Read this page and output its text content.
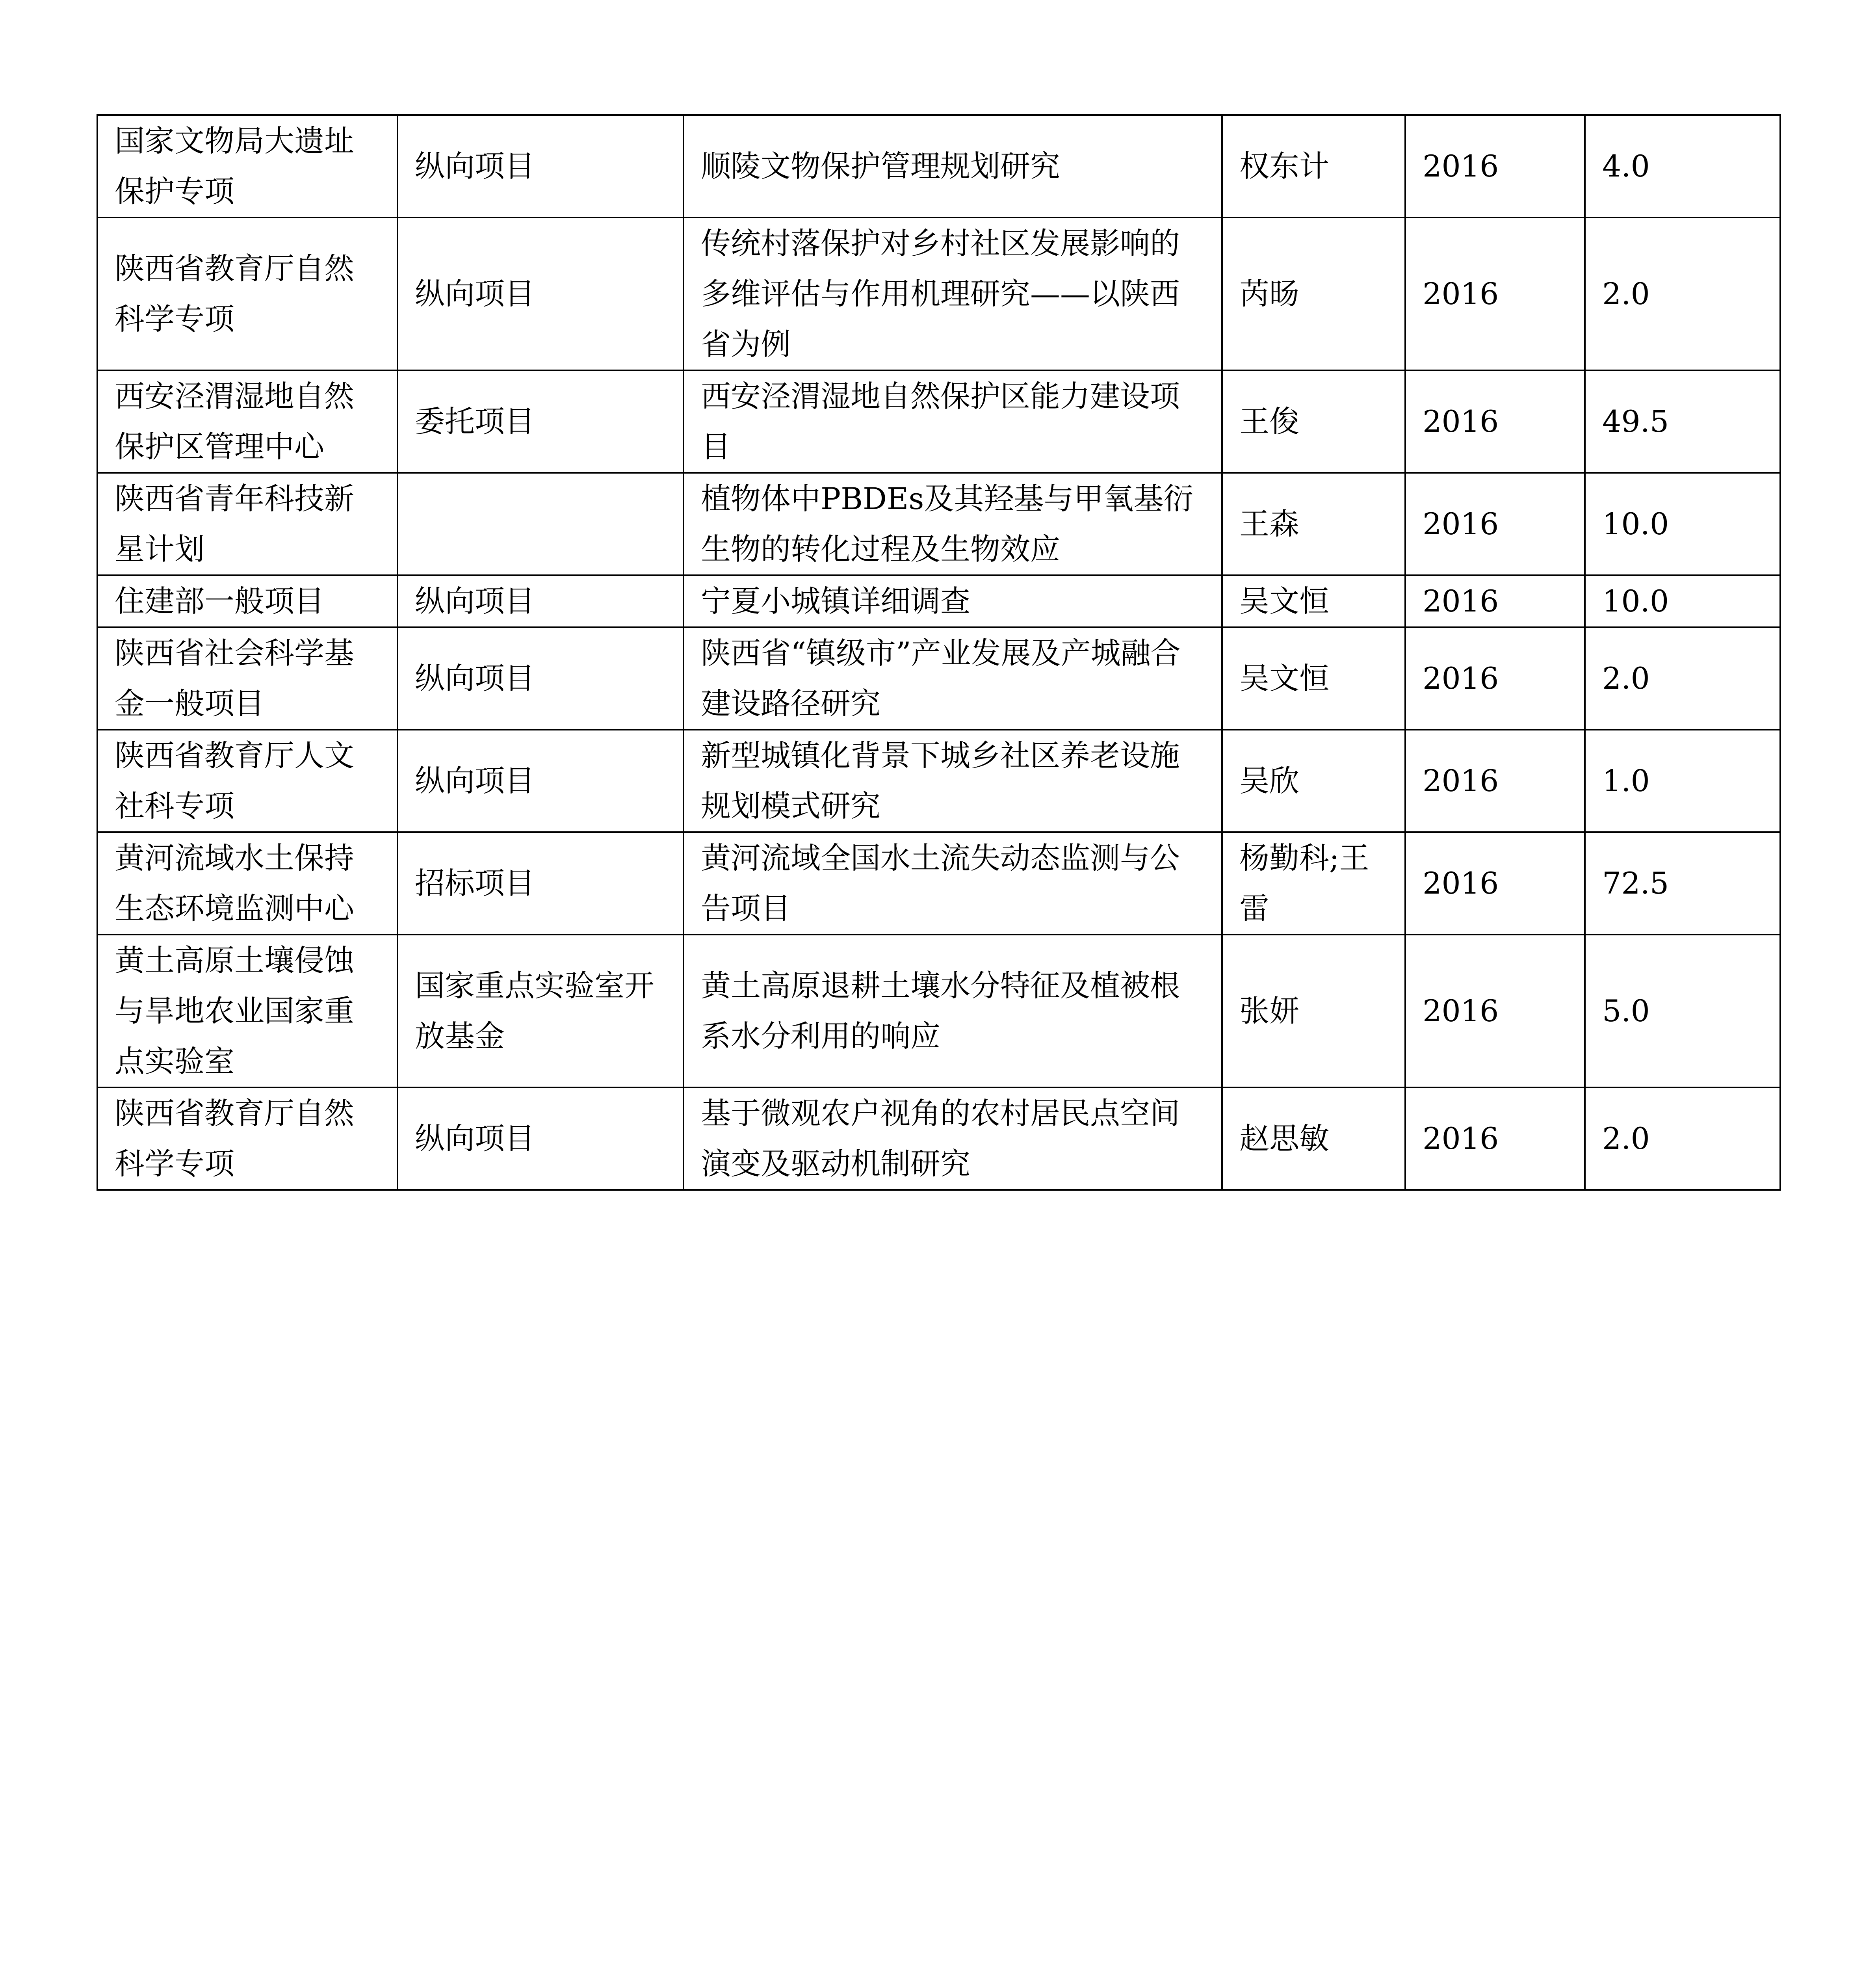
国家文物局大遗址保护专项	纵向项目	顺陵文物保护管理规划研究	权东计	2016	4.0
陕西省教育厅自然科学专项	纵向项目	传统村落保护对乡村社区发展影响的多维评估与作用机理研究——以陕西省为例	芮旸	2016	2.0
西安泾渭湿地自然保护区管理中心	委托项目	西安泾渭湿地自然保护区能力建设项目	王俊	2016	49.5
陕西省青年科技新星计划		植物体中PBDEs及其羟基与甲氧基衍生物的转化过程及生物效应	王森	2016	10.0
住建部一般项目	纵向项目	宁夏小城镇详细调查	吴文恒	2016	10.0
陕西省社会科学基金一般项目	纵向项目	陕西省“镇级市”产业发展及产城融合建设路径研究	吴文恒	2016	2.0
陕西省教育厅人文社科专项	纵向项目	新型城镇化背景下城乡社区养老设施规划模式研究	吴欣	2016	1.0
黄河流域水土保持生态环境监测中心	招标项目	黄河流域全国水土流失动态监测与公告项目	杨勤科;王雷	2016	72.5
黄土高原土壤侵蚀与旱地农业国家重点实验室	国家重点实验室开放基金	黄土高原退耕土壤水分特征及植被根系水分利用的响应	张妍	2016	5.0
陕西省教育厅自然科学专项	纵向项目	基于微观农户视角的农村居民点空间演变及驱动机制研究	赵思敏	2016	2.0
